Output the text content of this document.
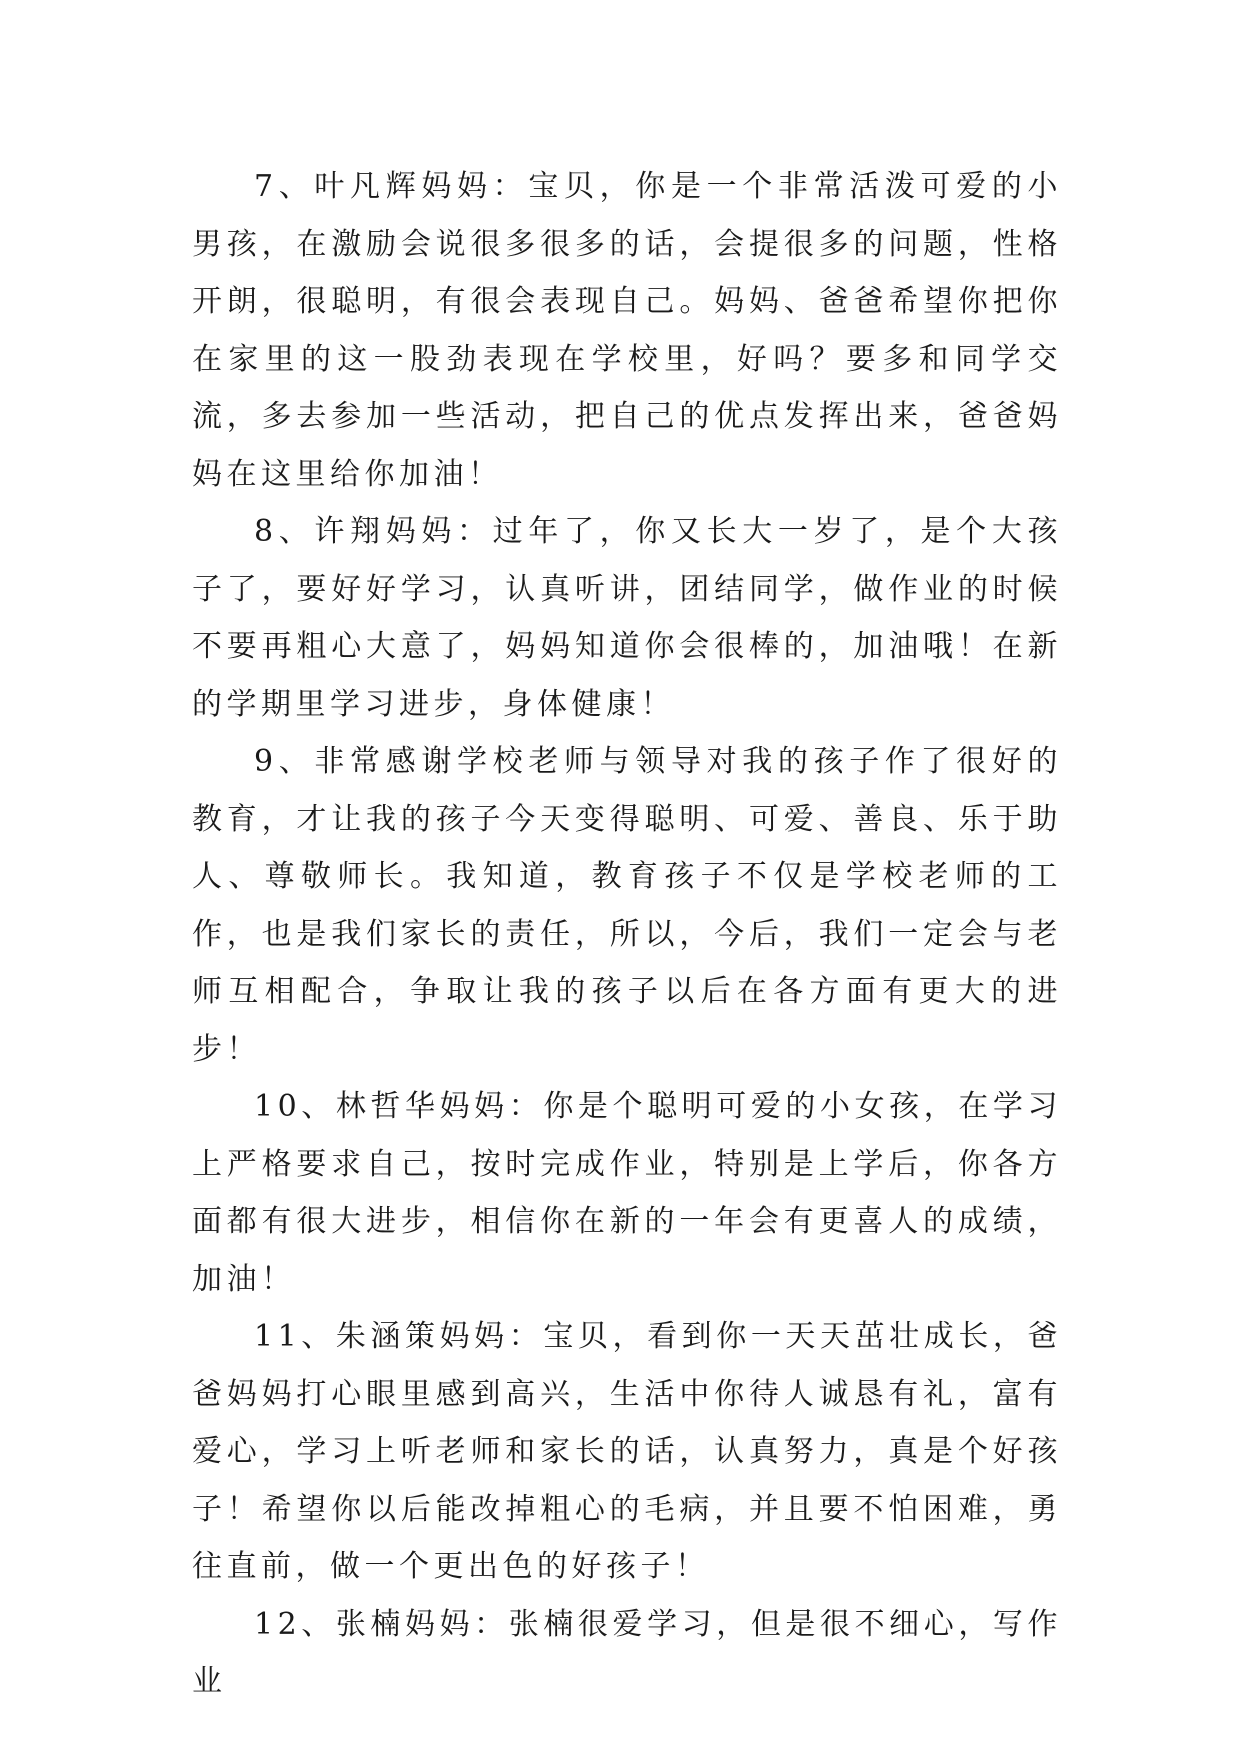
7、叶凡辉妈妈：宝贝，你是一个非常活泼可爱的小男孩，在激励会说很多很多的话，会提很多的问题，性格开朗，很聪明，有很会表现自己。妈妈、爸爸希望你把你在家里的这一股劲表现在学校里，好吗？要多和同学交流，多去参加一些活动，把自己的优点发挥出来，爸爸妈妈在这里给你加油！

8、许翔妈妈：过年了，你又长大一岁了，是个大孩子了，要好好学习，认真听讲，团结同学，做作业的时候不要再粗心大意了，妈妈知道你会很棒的，加油哦！在新的学期里学习进步，身体健康！

9、非常感谢学校老师与领导对我的孩子作了很好的教育，才让我的孩子今天变得聪明、可爱、善良、乐于助人、尊敬师长。我知道，教育孩子不仅是学校老师的工作，也是我们家长的责任，所以，今后，我们一定会与老师互相配合，争取让我的孩子以后在各方面有更大的进步！

10、林哲华妈妈：你是个聪明可爱的小女孩，在学习上严格要求自己，按时完成作业，特别是上学后，你各方面都有很大进步，相信你在新的一年会有更喜人的成绩，加油！

11、朱涵策妈妈：宝贝，看到你一天天茁壮成长，爸爸妈妈打心眼里感到高兴，生活中你待人诚恳有礼，富有爱心，学习上听老师和家长的话，认真努力，真是个好孩子！希望你以后能改掉粗心的毛病，并且要不怕困难，勇往直前，做一个更出色的好孩子！

12、张楠妈妈：张楠很爱学习，但是很不细心，写作业
